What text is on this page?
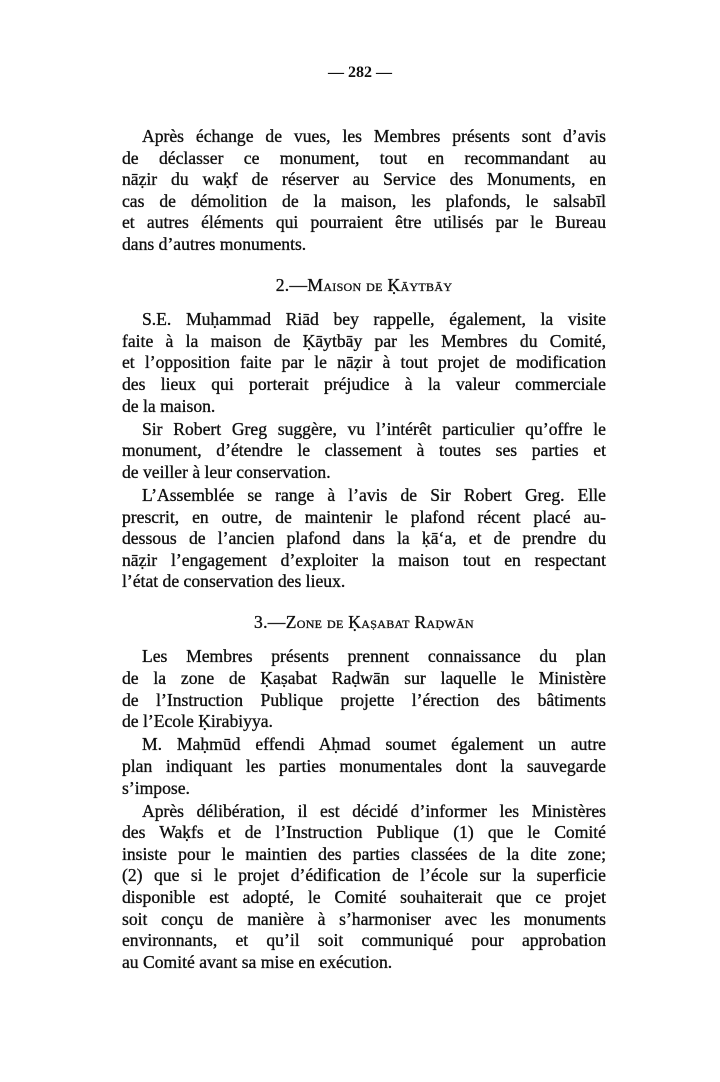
— 282 —
Après échange de vues, les Membres présents sont d’avis
de déclasser ce monument, tout en recommandant au
nāẓir du waḳf de réserver au Service des Monuments, en
cas de démolition de la maison, les plafonds, le salsabīl
et autres éléments qui pourraient être utilisés par le Bureau
dans d’autres monuments.
2.—Maison de Ḳāytbāy
S.E. Muḥammad Riād bey rappelle, également, la visite
faite à la maison de Ḳāytbāy par les Membres du Comité,
et l’opposition faite par le nāẓir à tout projet de modification
des lieux qui porterait préjudice à la valeur commerciale
de la maison.
Sir Robert Greg suggère, vu l’intérêt particulier qu’offre le
monument, d’étendre le classement à toutes ses parties et
de veiller à leur conservation.
L’Assemblée se range à l’avis de Sir Robert Greg. Elle
prescrit, en outre, de maintenir le plafond récent placé au-
dessous de l’ancien plafond dans la ḳā‘a, et de prendre du
nāẓir l’engagement d’exploiter la maison tout en respectant
l’état de conservation des lieux.
3.—Zone de Ḳaṣabat Raḍwān
Les Membres présents prennent connaissance du plan
de la zone de Ḳaṣabat Raḍwān sur laquelle le Ministère
de l’Instruction Publique projette l’érection des bâtiments
de l’Ecole Ḳirabiyya.
M. Maḥmūd effendi Aḥmad soumet également un autre
plan indiquant les parties monumentales dont la sauvegarde
s’impose.
Après délibération, il est décidé d’informer les Ministères
des Waḳfs et de l’Instruction Publique (1) que le Comité
insiste pour le maintien des parties classées de la dite zone;
(2) que si le projet d’édification de l’école sur la superficie
disponible est adopté, le Comité souhaiterait que ce projet
soit conçu de manière à s’harmoniser avec les monuments
environnants, et qu’il soit communiqué pour approbation
au Comité avant sa mise en exécution.
